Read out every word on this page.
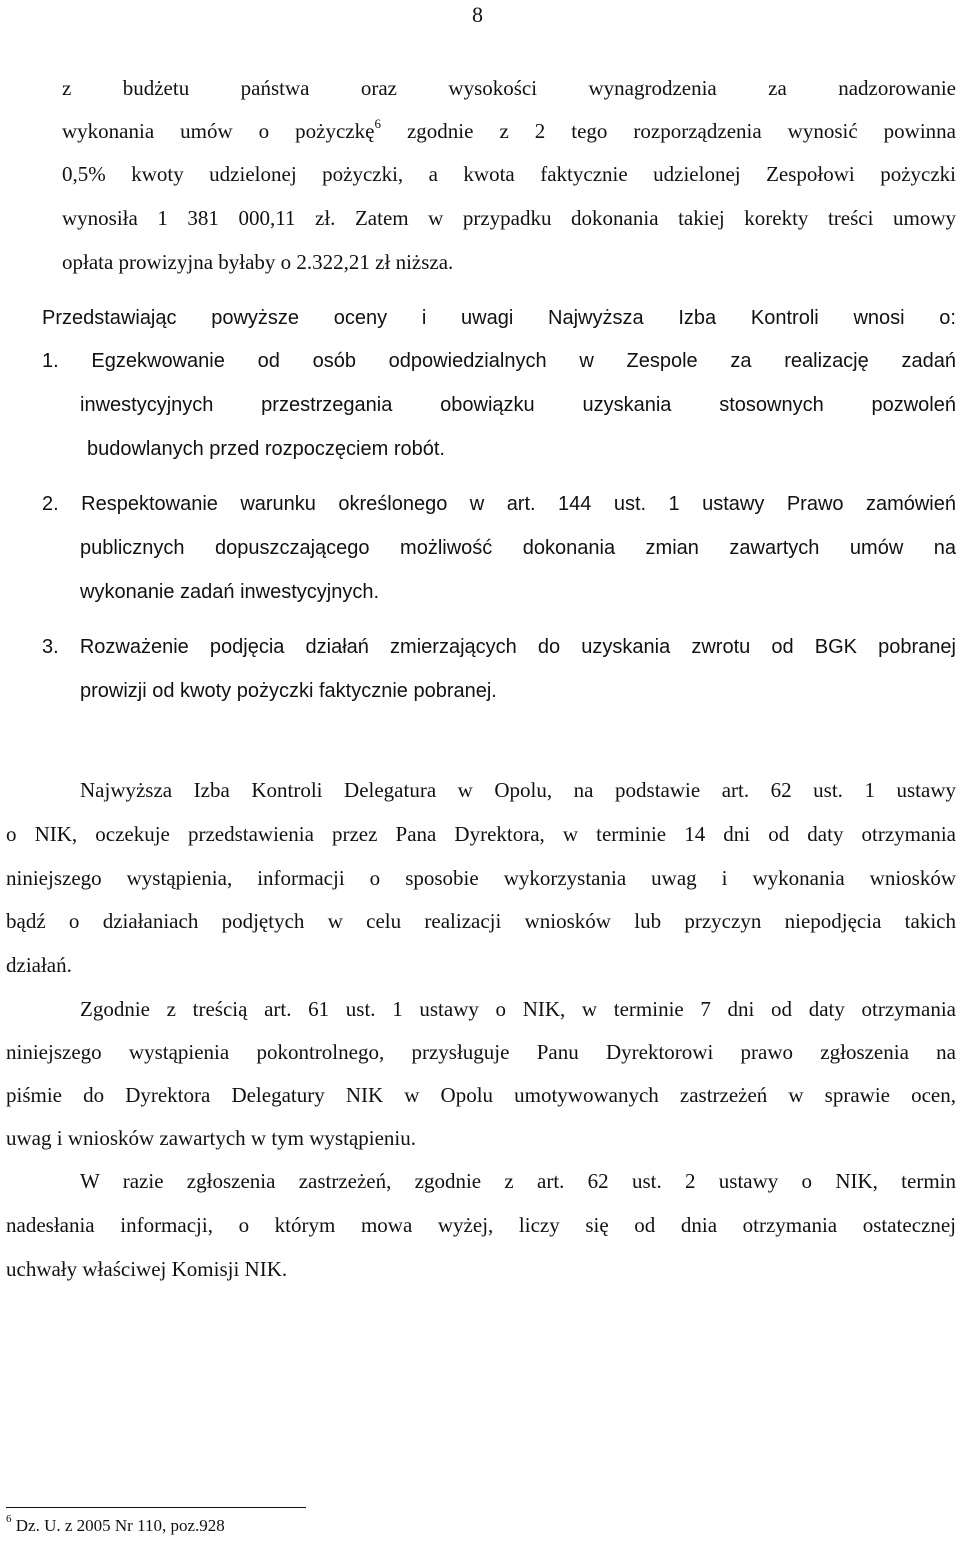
8
z budżetu państwa oraz wysokości wynagrodzenia za nadzorowanie
wykonania umów o pożyczkę$^6$ zgodnie z 2 tego rozporządzenia wynosić powinna
0,5% kwoty udzielonej pożyczki, a kwota faktycznie udzielonej Zespołowi pożyczki
wynosiła 1 381 000,11 zł. Zatem w przypadku dokonania takiej korekty treści umowy
opłata prowizyjna byłaby o 2.322,21 zł niższa.
Przedstawiając powyższe oceny i uwagi Najwyższa Izba Kontroli wnosi o:
1. Egzekwowanie od osób odpowiedzialnych w Zespole za realizację zadań
inwestycyjnych przestrzegania obowiązku uzyskania stosownych pozwoleń
budowlanych przed rozpoczęciem robót.
2. Respektowanie warunku określonego w art. 144 ust. 1 ustawy Prawo zamówień
publicznych dopuszczającego możliwość dokonania zmian zawartych umów na
wykonanie zadań inwestycyjnych.
3. Rozważenie podjęcia działań zmierzających do uzyskania zwrotu od BGK pobranej
prowizji od kwoty pożyczki faktycznie pobranej.
Najwyższa Izba Kontroli Delegatura w Opolu, na podstawie art. 62 ust. 1 ustawy
o NIK, oczekuje przedstawienia przez Pana Dyrektora, w terminie 14 dni od daty otrzymania
niniejszego wystąpienia, informacji o sposobie wykorzystania uwag i wykonania wniosków
bądź o działaniach podjętych w celu realizacji wniosków lub przyczyn niepodjęcia takich
działań.
Zgodnie z treścią art. 61 ust. 1 ustawy o NIK, w terminie 7 dni od daty otrzymania
niniejszego wystąpienia pokontrolnego, przysługuje Panu Dyrektorowi prawo zgłoszenia na
piśmie do Dyrektora Delegatury NIK w Opolu umotywowanych zastrzeżeń w sprawie ocen,
uwag i wniosków zawartych w tym wystąpieniu.
W razie zgłoszenia zastrzeżeń, zgodnie z art. 62 ust. 2 ustawy o NIK, termin
nadesłania informacji, o którym mowa wyżej, liczy się od dnia otrzymania ostatecznej
uchwały właściwej Komisji NIK.
$^6$ Dz. U. z 2005 Nr 110, poz.928
